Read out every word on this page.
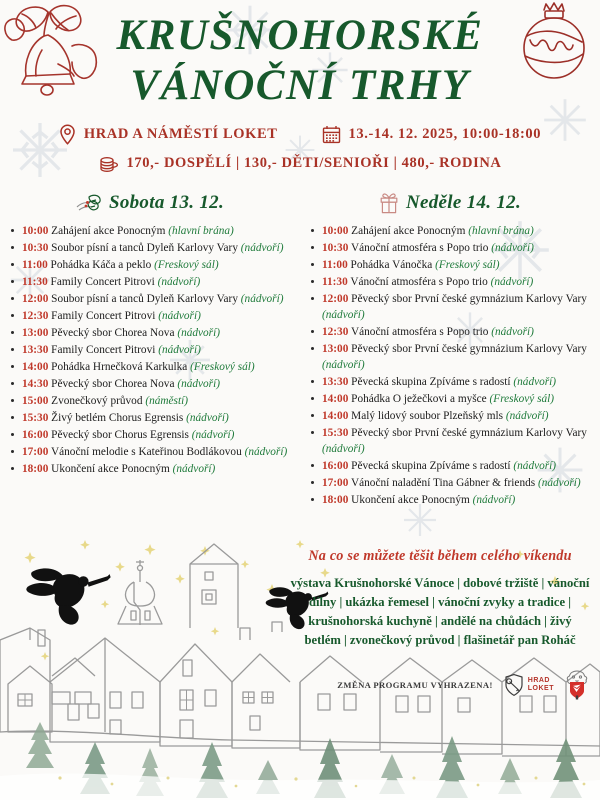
KRUŠNOHORSKÉ
VÁNOČNÍ TRHY
HRAD A NÁMĚSTÍ LOKET	13.-14. 12. 2025, 10:00-18:00
170,- DOSPĚLÍ | 130,- DĚTI/SENIOŘI | 480,- RODINA
Sobota 13. 12.
10:00 Zahájení akce Ponocným (hlavní brána)
10:30 Soubor písní a tanců Dyleň Karlovy Vary (nádvoří)
11:00 Pohádka Káča a peklo (Freskový sál)
11:30 Family Concert Pitrovi (nádvoří)
12:00 Soubor písní a tanců Dyleň Karlovy Vary (nádvoří)
12:30 Family Concert Pitrovi (nádvoří)
13:00 Pěvecký sbor Chorea Nova (nádvoří)
13:30 Family Concert Pitrovi (nádvoří)
14:00 Pohádka Hrnečková Karkulka (Freskový sál)
14:30 Pěvecký sbor Chorea Nova (nádvoří)
15:00 Zvonečkový průvod (náměstí)
15:30 Živý betlém Chorus Egrensis (nádvoří)
16:00 Pěvecký sbor Chorus Egrensis (nádvoří)
17:00 Vánoční melodie s Kateřinou Bodlákovou (nádvoří)
18:00 Ukončení akce Ponocným (nádvoří)
Neděle 14. 12.
10:00 Zahájení akce Ponocným (hlavní brána)
10:30 Vánoční atmosféra s Popo trio (nádvoří)
11:00 Pohádka Vánočka (Freskový sál)
11:30 Vánoční atmosféra s Popo trio (nádvoří)
12:00 Pěvecký sbor První české gymnázium Karlovy Vary (nádvoří)
12:30 Vánoční atmosféra s Popo trio (nádvoří)
13:00 Pěvecký sbor První české gymnázium Karlovy Vary (nádvoří)
13:30 Pěvecká skupina Zpíváme s radostí (nádvoří)
14:00 Pohádka O ježečkovi a myšce (Freskový sál)
14:00 Malý lidový soubor Plzeňský mls (nádvoří)
15:30 Pěvecký sbor První české gymnázium Karlovy Vary (nádvoří)
16:00 Pěvecká skupina Zpíváme s radostí (nádvoří)
17:00 Vánoční naladění Tina Gábner & friends (nádvoří)
18:00 Ukončení akce Ponocným (nádvoří)
Na co se můžete těšit během celého víkendu
výstava Krušnohorské Vánoce | dobové tržiště | vánoční dílny | ukázka řemesel | vánoční zvyky a tradice | krušnohorská kuchyně | andělé na chůdách | živý betlém | zvonečkový průvod | flašinetář pan Roháč
ZMĚNA PROGRAMU VYHRAZENA!	HRAD
LOKET
